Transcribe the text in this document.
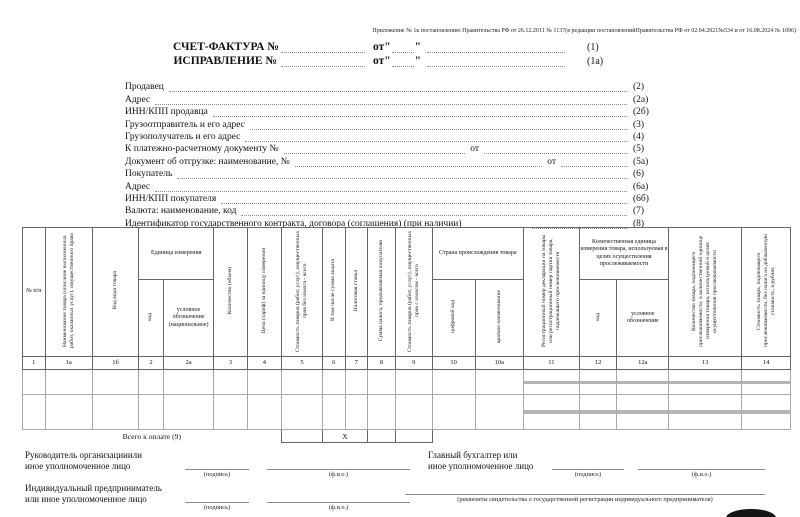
Приложение № 1к постановлению Правительства РФ от 26.12.2011 № 1137(в редакции постановленийПравительства РФ от 02.04.2021№534 и от 16.08.2024 № 1096)
СЧЕТ-ФАКТУРА №	от " "	(1)
ИСПРАВЛЕНИЕ №	от " "	(1а)
Продавец	(2)
Адрес	(2а)
ИНН/КПП продавца	(2б)
Грузоотправитель и его адрес	(3)
Грузополучатель и его адрес	(4)
К платежно-расчетному документу №	от	(5)
Документ об отгрузке: наименование, №	от	(5а)
Покупатель	(6)
Адрес	(6а)
ИНН/КПП покупателя	(6б)
Валюта: наименование, код	(7)
Идентификатор государственного контракта, договора (соглашения) (при наличии)	(8)
№ п/п	Наименование товара (описание выполненных работ, оказанных услуг), имущественного права	Код вида товара	Единица измерения		Количество (объем)	Цена (тариф) за единицу измерения	Стоимость товаров (работ, услуг), имущественных прав без налога - всего	В том числе сумма акциза	Налоговая ставка	Сумма налога, предъявляемая покупателю	Стоимость товаров (работ, услуг), имущественных прав с налогом - всего	Страна происхождения товара		Регистрационный номер декларации на товары или регистрационный номер партии товара, подлежащего прослеживаемости	Количественная единица измерения товара, используемая в целях осуществления прослеживаемости		Количество товара, подлежащего прослеживаемости, в количественной единице измерения товара, используемой в целях осуществления прослеживаемости	Стоимость товара, подлежащего прослеживаемости, без налога на добавленную стоимость, в рублях
			код	условное обозначение (национальное)								цифровой код	краткое наименование		код	условное обозначение		
1	1а	1б	2	2а	3	4	5	6	7	8	9	10	10а	11	12	12а	13	14

Всего к оплате (9)								X										
Руководитель организацииили
иное уполномоченное лицо
(подпись)	(ф.и.о.)
Главный бухгалтер или
иное уполномоченное лицо
(подпись)	(ф.и.о.)
Индивидуальный предприниматель
или иное уполномоченное лицо
(подпись)	(ф.и.о.)
(реквизиты свидетельства о государственной регистрации индивидуального предпринимателя)
